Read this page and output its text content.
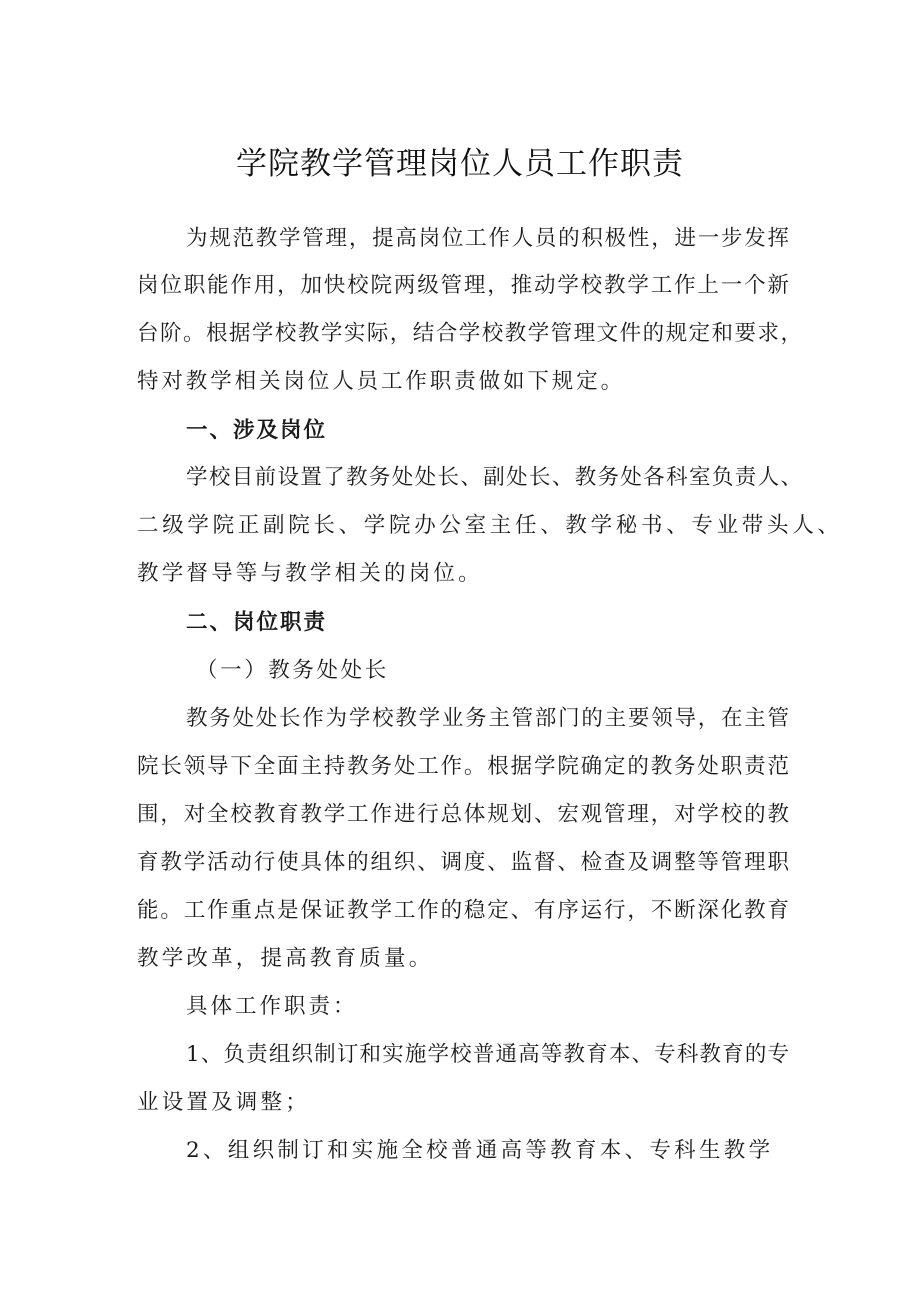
学院教学管理岗位人员工作职责
为规范教学管理，提高岗位工作人员的积极性，进一步发挥
岗位职能作用，加快校院两级管理，推动学校教学工作上一个新
台阶。根据学校教学实际，结合学校教学管理文件的规定和要求，
特对教学相关岗位人员工作职责做如下规定。
一、涉及岗位
学校目前设置了教务处处长、副处长、教务处各科室负责人、
二级学院正副院长、学院办公室主任、教学秘书、专业带头人、
教学督导等与教学相关的岗位。
二、岗位职责
（一）教务处处长
教务处处长作为学校教学业务主管部门的主要领导，在主管
院长领导下全面主持教务处工作。根据学院确定的教务处职责范
围，对全校教育教学工作进行总体规划、宏观管理，对学校的教
育教学活动行使具体的组织、调度、监督、检查及调整等管理职
能。工作重点是保证教学工作的稳定、有序运行，不断深化教育
教学改革，提高教育质量。
具体工作职责：
1、负责组织制订和实施学校普通高等教育本、专科教育的专
业设置及调整；
2、组织制订和实施全校普通高等教育本、专科生教学
